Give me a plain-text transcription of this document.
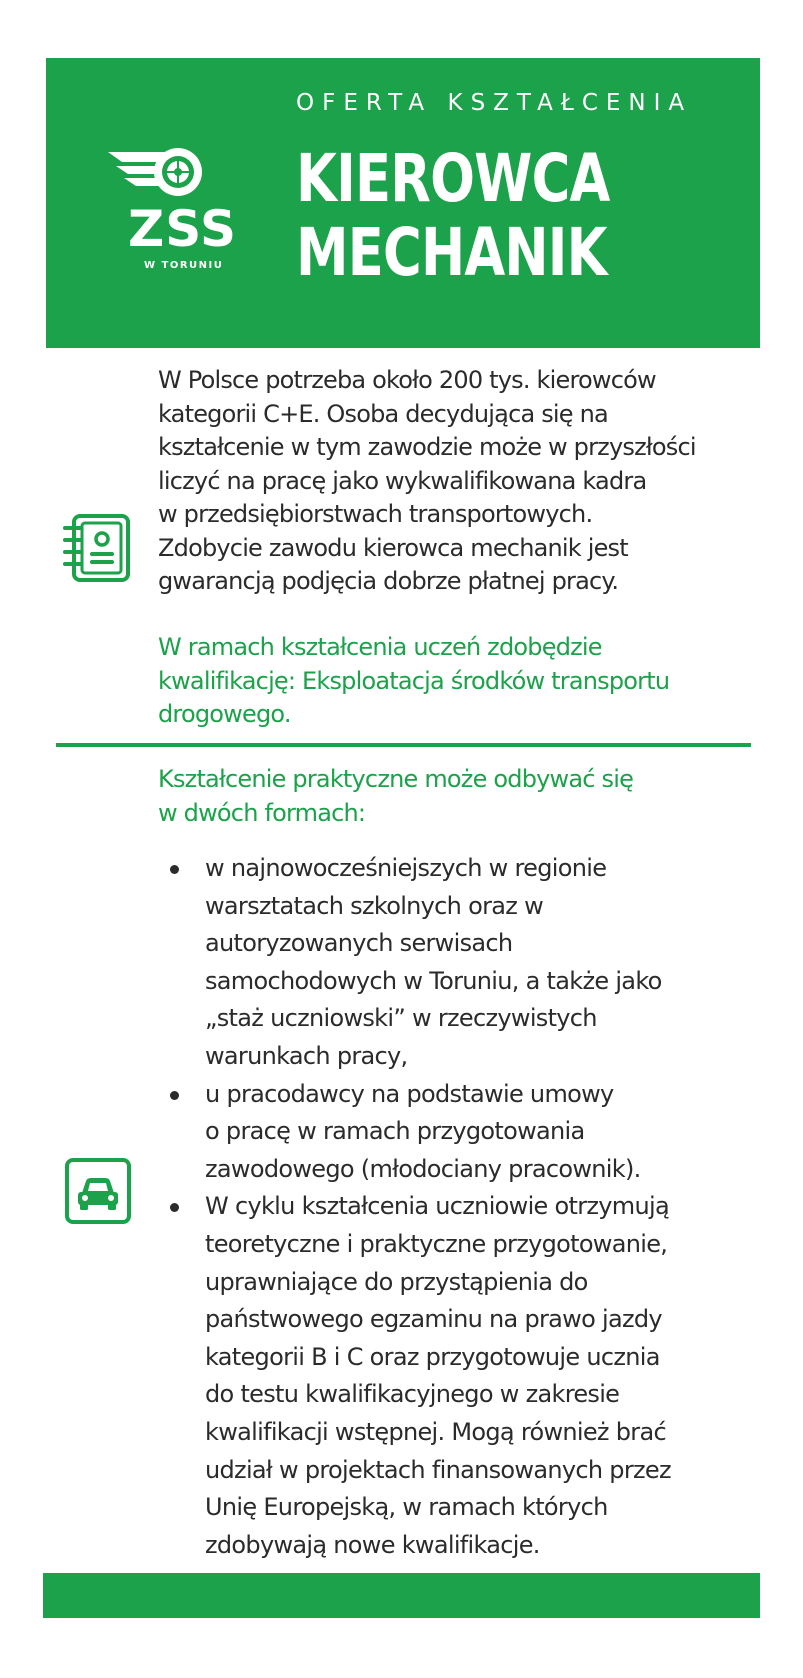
ZSS
W TORUNIU
OFERTA KSZTAŁCENIA
KIEROWCA
MECHANIK

W Polsce potrzeba około 200 tys. kierowców
kategorii C+E. Osoba decydująca się na
kształcenie w tym zawodzie może w przyszłości
liczyć na pracę jako wykwalifikowana kadra
w przedsiębiorstwach transportowych.
Zdobycie zawodu kierowca mechanik jest
gwarancją podjęcia dobrze płatnej pracy.

W ramach kształcenia uczeń zdobędzie
kwalifikację: Eksploatacja środków transportu
drogowego.

Kształcenie praktyczne może odbywać się
w dwóch formach:

w najnowocześniejszych w regionie
warsztatach szkolnych oraz w
autoryzowanych serwisach
samochodowych w Toruniu, a także jako
„staż uczniowski” w rzeczywistych
warunkach pracy,
u pracodawcy na podstawie umowy
o pracę w ramach przygotowania
zawodowego (młodociany pracownik).
W cyklu kształcenia uczniowie otrzymują
teoretyczne i praktyczne przygotowanie,
uprawniające do przystąpienia do
państwowego egzaminu na prawo jazdy
kategorii B i C oraz przygotowuje ucznia
do testu kwalifikacyjnego w zakresie
kwalifikacji wstępnej. Mogą również brać
udział w projektach finansowanych przez
Unię Europejską, w ramach których
zdobywają nowe kwalifikacje.
